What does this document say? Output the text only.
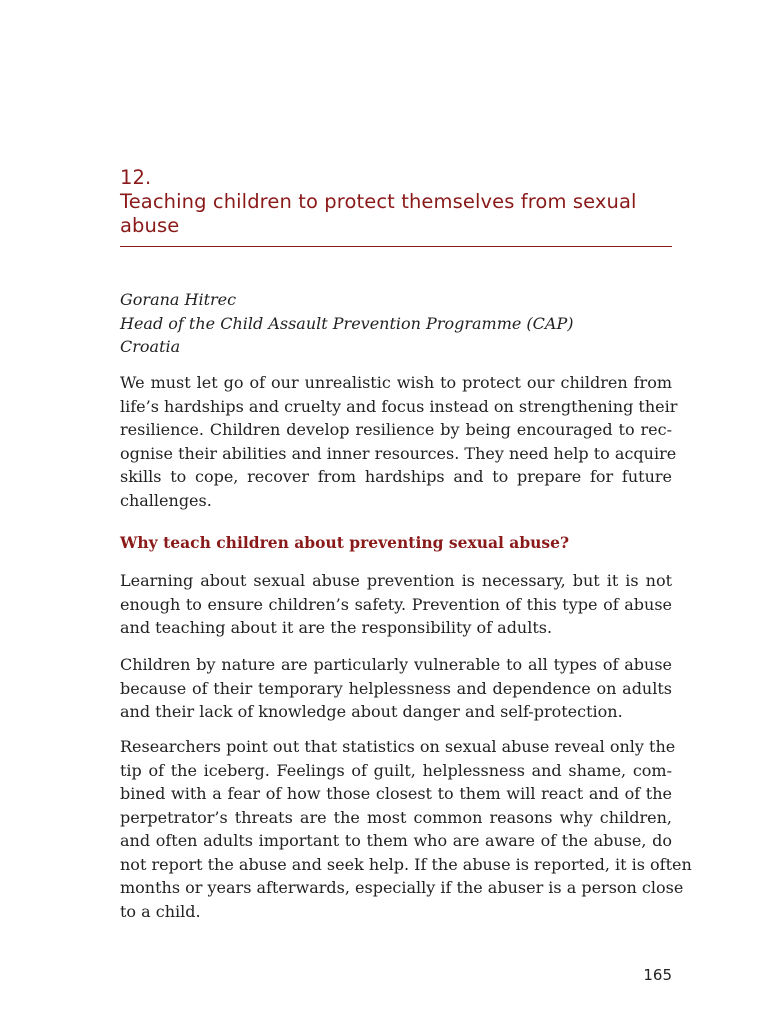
12.
Teaching children to protect themselves from sexual
abuse
Gorana Hitrec
Head of the Child Assault Prevention Programme (CAP)
Croatia
We must let go of our unrealistic wish to protect our children from
life’s hardships and cruelty and focus instead on strengthening their
resilience. Children develop resilience by being encouraged to rec-
ognise their abilities and inner resources. They need help to acquire
skills to cope, recover from hardships and to prepare for future
challenges.
Why teach children about preventing sexual abuse?
Learning about sexual abuse prevention is necessary, but it is not
enough to ensure children’s safety. Prevention of this type of abuse
and teaching about it are the responsibility of adults.
Children by nature are particularly vulnerable to all types of abuse
because of their temporary helplessness and dependence on adults
and their lack of knowledge about danger and self-protection.
Researchers point out that statistics on sexual abuse reveal only the
tip of the iceberg. Feelings of guilt, helplessness and shame, com-
bined with a fear of how those closest to them will react and of the
perpetrator’s threats are the most common reasons why children,
and often adults important to them who are aware of the abuse, do
not report the abuse and seek help. If the abuse is reported, it is often
months or years afterwards, especially if the abuser is a person close
to a child.
165
